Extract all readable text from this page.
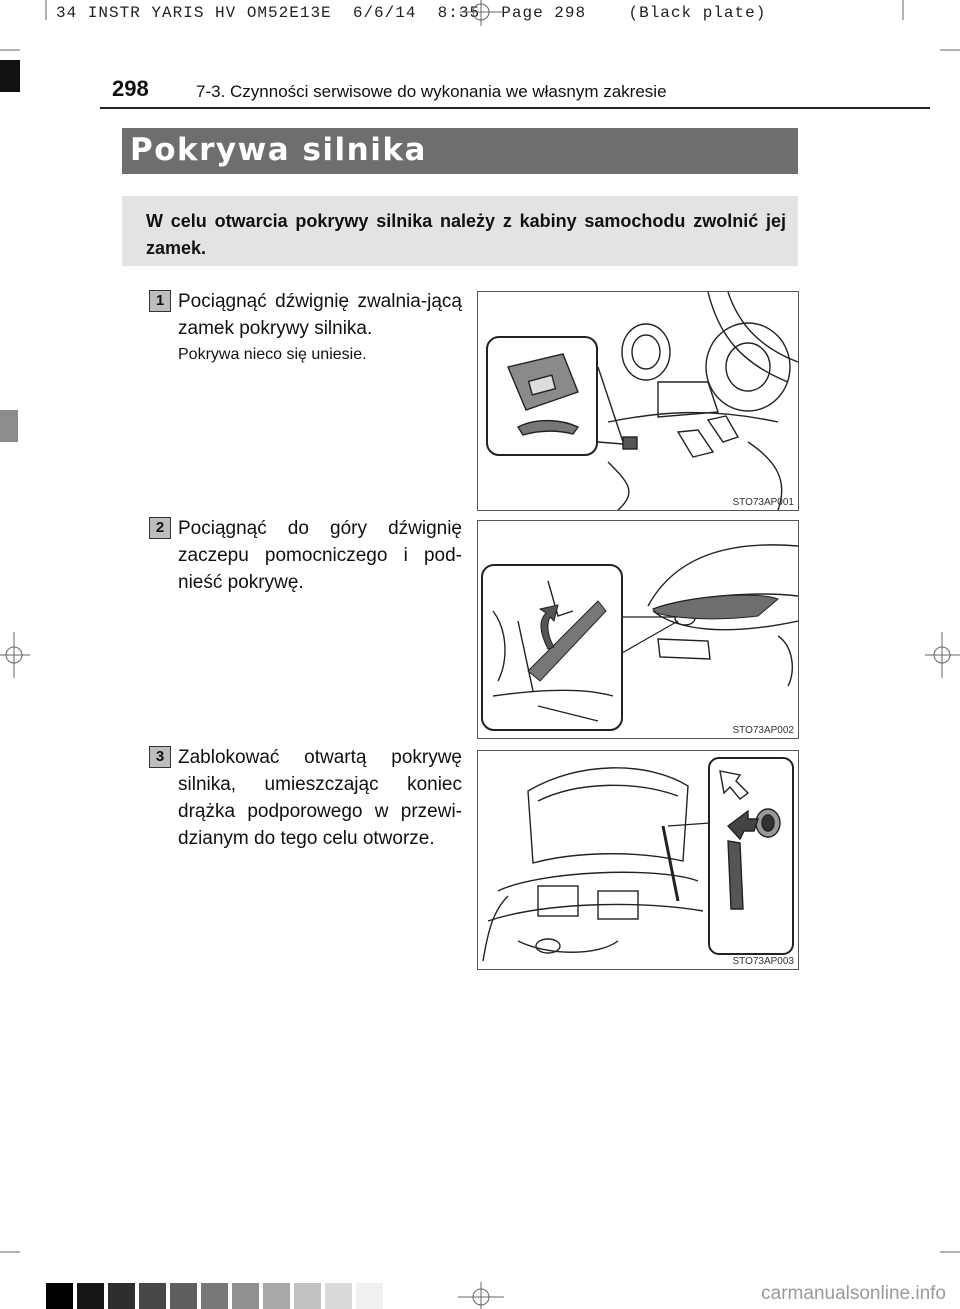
34 INSTR YARIS HV OM52E13E  6/6/14  8:35  Page 298    (Black plate)
298	7-3. Czynności serwisowe do wykonania we własnym zakresie
Pokrywa silnika
W celu otwarcia pokrywy silnika należy z kabiny samochodu zwolnić jej zamek.
1 Pociągnąć dźwignię zwalnia-jącą zamek pokrywy silnika.
Pokrywa nieco się uniesie.
STO73AP001
2 Pociągnąć do góry dźwignię zaczepu pomocniczego i pod-nieść pokrywę.
STO73AP002
3 Zablokować otwartą pokrywę silnika, umieszczając koniec drążka podporowego w przewi-dzianym do tego celu otworze.
STO73AP003
carmanualsonline.info
